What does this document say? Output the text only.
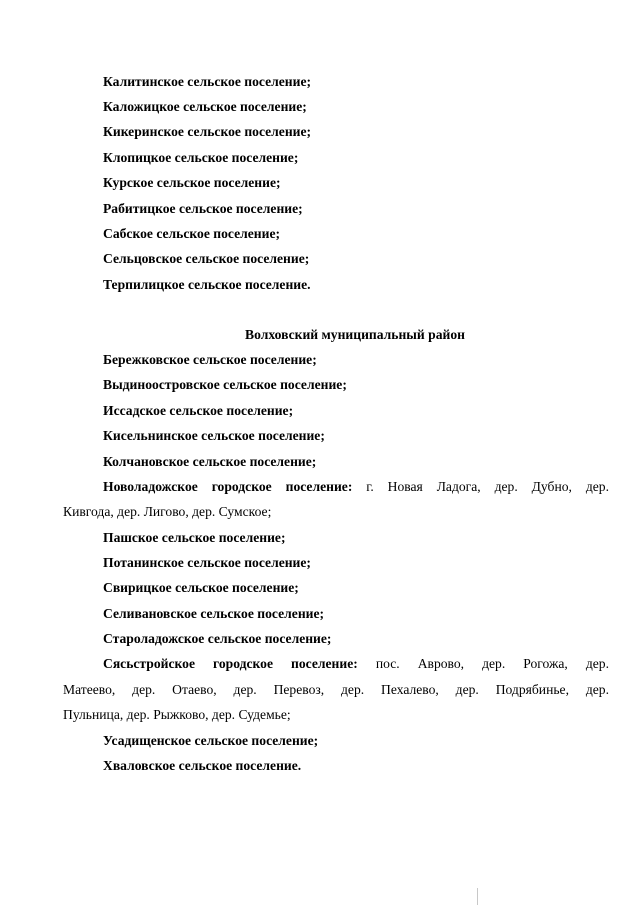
Калитинское сельское поселение;
Каложицкое сельское поселение;
Кикеринское сельское поселение;
Клопицкое сельское поселение;
Курское сельское поселение;
Рабитицкое сельское поселение;
Сабское сельское поселение;
Сельцовское сельское поселение;
Терпилицкое сельское поселение.
Волховский муниципальный район
Бережковское сельское поселение;
Выдиноостровское сельское поселение;
Иссадское сельское поселение;
Кисельнинское сельское поселение;
Колчановское сельское поселение;
Новоладожское городское поселение: г. Новая Ладога, дер. Дубно, дер.
Кивгода, дер. Лигово, дер. Сумское;
Пашское сельское поселение;
Потанинское сельское поселение;
Свирицкое сельское поселение;
Селивановское сельское поселение;
Староладожское сельское поселение;
Сясьстройское городское поселение: пос. Аврово, дер. Рогожа, дер.
Матеево, дер. Отаево, дер. Перевоз, дер. Пехалево, дер. Подрябинье, дер.
Пульница, дер. Рыжково, дер. Судемье;
Усадищенское сельское поселение;
Хваловское сельское поселение.
